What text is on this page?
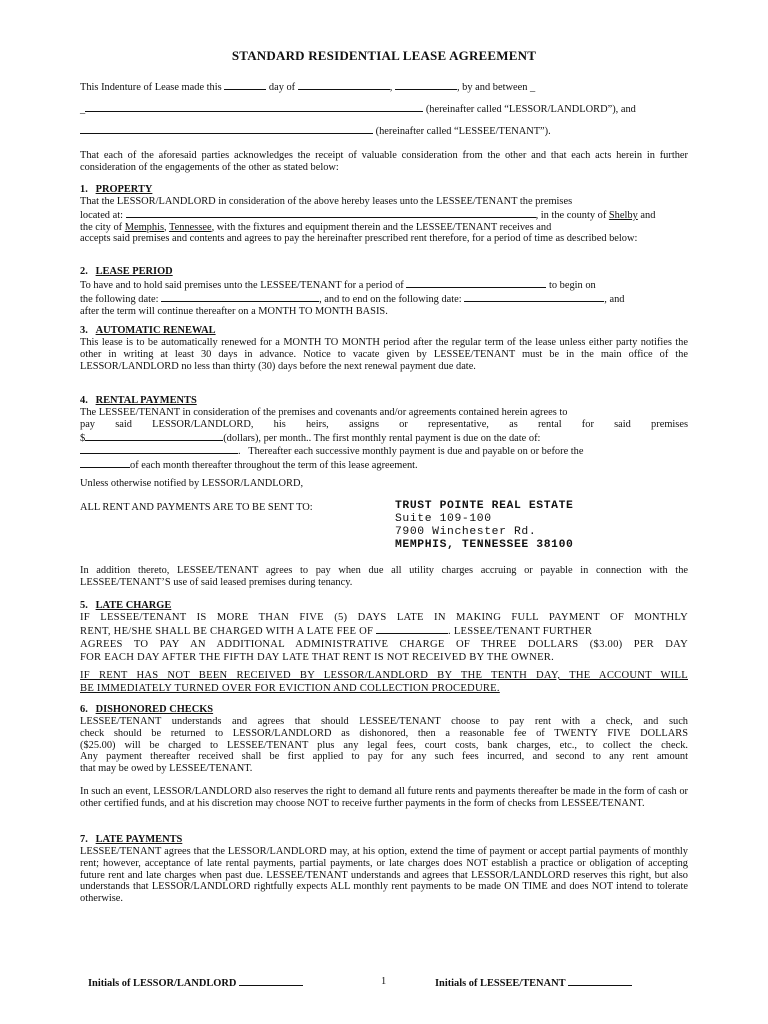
STANDARD RESIDENTIAL LEASE AGREEMENT
This Indenture of Lease made this	day of	,	, by and between _
_	(hereinafter called “LESSOR/LANDLORD”), and
(hereinafter called “LESSEE/TENANT”).
That each of the aforesaid parties acknowledges the receipt of valuable consideration from the other and that each acts herein in further consideration of the engagements of the other as stated below:
1. PROPERTY
That the LESSOR/LANDLORD in consideration of the above hereby leases unto the LESSEE/TENANT the premises
located at:	, in the county of Shelby and
the city of Memphis, Tennessee, with the fixtures and equipment therein and the LESSEE/TENANT receives and
accepts said premises and contents and agrees to pay the hereinafter prescribed rent therefore, for a period of time as described below:
2. LEASE PERIOD
To have and to hold said premises unto the LESSEE/TENANT for a period of	to begin on
the following date:	, and to end on the following date:	, and
after the term will continue thereafter on a MONTH TO MONTH BASIS.
3. AUTOMATIC RENEWAL
This lease is to be automatically renewed for a MONTH TO MONTH period after the regular term of the lease unless either party notifies the other in writing at least 30 days in advance. Notice to vacate given by LESSEE/TENANT must be in the main office of the LESSOR/LANDLORD no less than thirty (30) days before the next renewal payment due date.
4. RENTAL PAYMENTS
The LESSEE/TENANT in consideration of the premises and covenants and/or agreements contained herein agrees to
pay said LESSOR/LANDLORD, his heirs, assigns or representative, as rental for said premises
$	(dollars), per month.. The first monthly rental payment is due on the date of:
. Thereafter each successive monthly payment is due and payable on or before the
of each month thereafter throughout the term of this lease agreement.
Unless otherwise notified by LESSOR/LANDLORD,
ALL RENT AND PAYMENTS ARE TO BE SENT TO:	TRUST POINTE REAL ESTATE
Suite 109-100
7900 Winchester Rd.
MEMPHIS, TENNESSEE 38100
In addition thereto, LESSEE/TENANT agrees to pay when due all utility charges accruing or payable in connection with the LESSEE/TENANT’S use of said leased premises during tenancy.
5. LATE CHARGE
IF LESSEE/TENANT IS MORE THAN FIVE (5) DAYS LATE IN MAKING FULL PAYMENT OF MONTHLY
RENT, HE/SHE SHALL BE CHARGED WITH A LATE FEE OF	. LESSEE/TENANT FURTHER
AGREES TO PAY AN ADDITIONAL ADMINISTRATIVE CHARGE OF THREE DOLLARS ($3.00) PER DAY
FOR EACH DAY AFTER THE FIFTH DAY LATE THAT RENT IS NOT RECEIVED BY THE OWNER.
IF RENT HAS NOT BEEN RECEIVED BY LESSOR/LANDLORD BY THE TENTH DAY, THE ACCOUNT WILL
BE IMMEDIATELY TURNED OVER FOR EVICTION AND COLLECTION PROCEDURE.
6. DISHONORED CHECKS
LESSEE/TENANT understands and agrees that should LESSEE/TENANT choose to pay rent with a check, and such
check should be returned to LESSOR/LANDLORD as dishonored, then a reasonable fee of TWENTY FIVE DOLLARS
($25.00) will be charged to LESSEE/TENANT plus any legal fees, court costs, bank charges, etc., to collect the check.
Any payment thereafter received shall be first applied to pay for any such fees incurred, and second to any rent amount
that may be owed by LESSEE/TENANT.
In such an event, LESSOR/LANDLORD also reserves the right to demand all future rents and payments thereafter be made in the form of cash or other certified funds, and at his discretion may choose NOT to receive further payments in the form of checks from LESSEE/TENANT.
7. LATE PAYMENTS
LESSEE/TENANT agrees that the LESSOR/LANDLORD may, at his option, extend the time of payment or accept partial payments of monthly rent; however, acceptance of late rental payments, partial payments, or late charges does NOT establish a practice or obligation of accepting future rent and late charges when past due. LESSEE/TENANT understands and agrees that LESSOR/LANDLORD reserves this right, but also understands that LESSOR/LANDLORD rightfully expects ALL monthly rent payments to be made ON TIME and does NOT intend to tolerate otherwise.
Initials of LESSOR/LANDLORD	1	Initials of LESSEE/TENANT
